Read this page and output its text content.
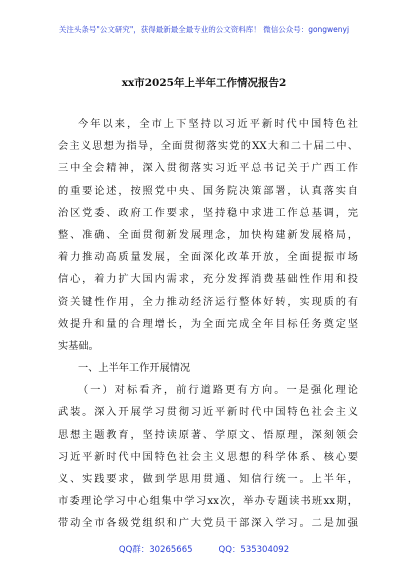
关注头条号"公文研究"，获得最新最全最专业的公文资料库！ 微信公众号：gongwenyj
xx市2025年上半年工作情况报告2
今年以来，全市上下坚持以习近平新时代中国特色社
会主义思想为指导，全面贯彻落实党的XX大和二十届二中、
三中全会精神，深入贯彻落实习近平总书记关于广西工作
的重要论述，按照党中央、国务院决策部署，认真落实自
治区党委、政府工作要求，坚持稳中求进工作总基调，完
整、准确、全面贯彻新发展理念，加快构建新发展格局，
着力推动高质量发展，全面深化改革开放，全面提振市场
信心，着力扩大国内需求，充分发挥消费基础性作用和投
资关键性作用，全力推动经济运行整体好转，实现质的有
效提升和量的合理增长，为全面完成全年目标任务奠定坚
实基础。
一、上半年工作开展情况
（一）对标看齐，前行道路更有方向。一是强化理论
武装。深入开展学习贯彻习近平新时代中国特色社会主义
思想主题教育，坚持读原著、学原文、悟原理，深刻领会
习近平新时代中国特色社会主义思想的科学体系、核心要
义、实践要求，做到学思用贯通、知信行统一。上半年，
市委理论学习中心组集中学习xx次，举办专题读书班xx期，
带动全市各级党组织和广大党员干部深入学习。二是加强
QQ群：30265665	QQ：535304092
